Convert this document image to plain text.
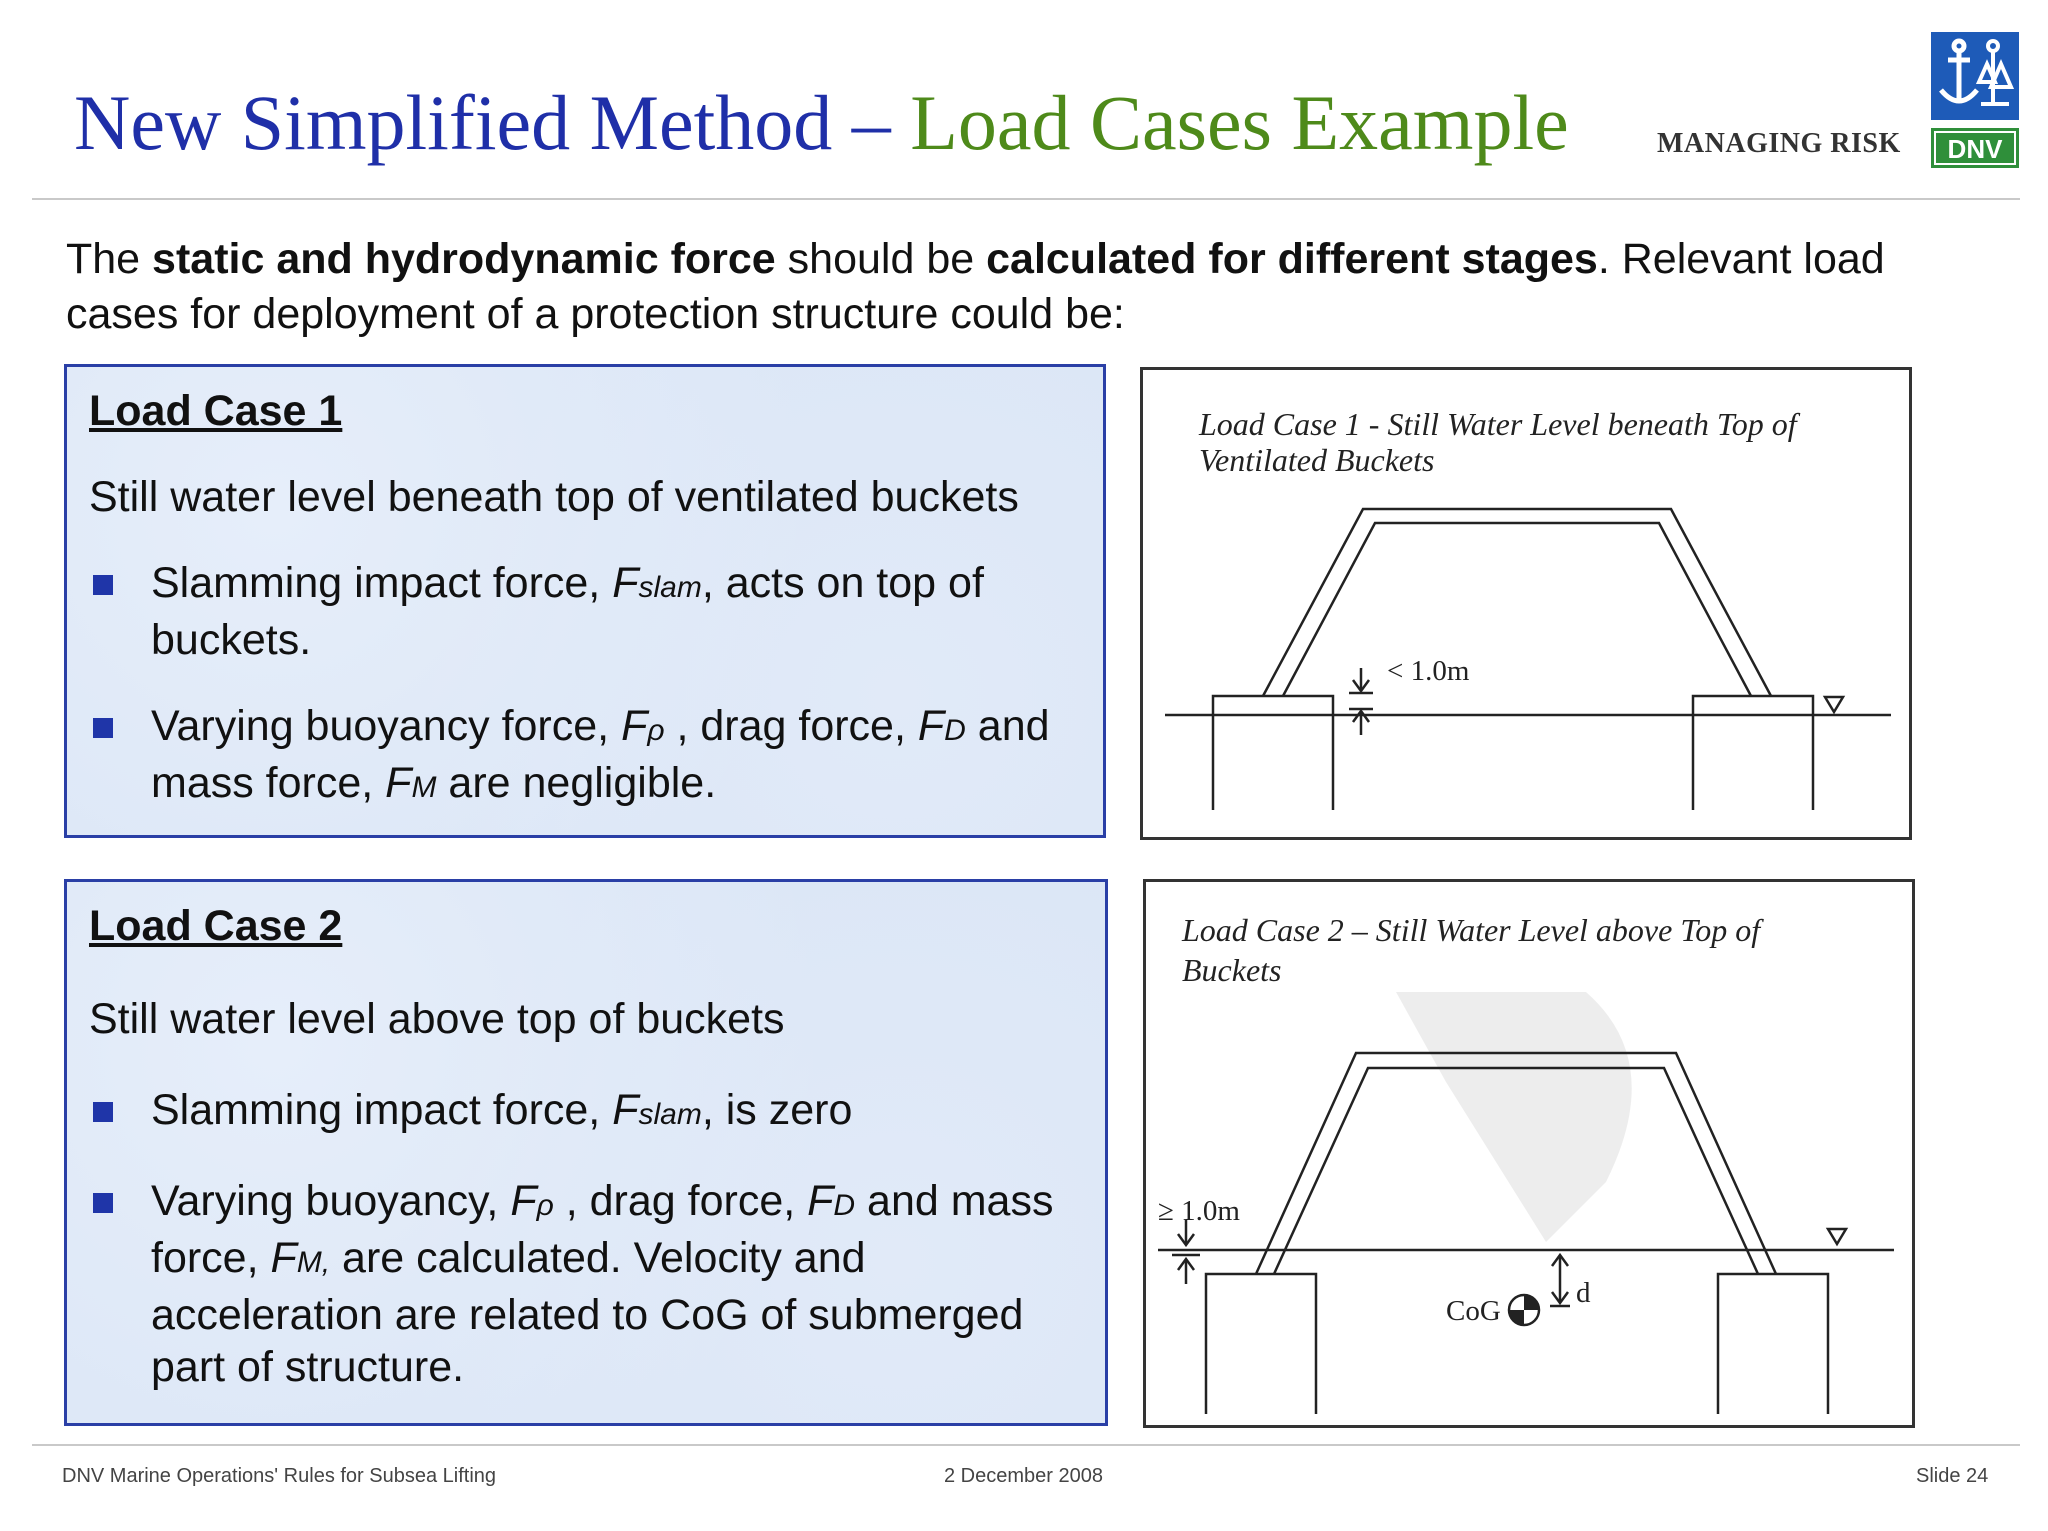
New Simplified Method – Load Cases Example	MANAGING RISK DNV
The static and hydrodynamic force should be calculated for different stages. Relevant load cases for deployment of a protection structure could be:
Load Case 1
Still water level beneath top of ventilated buckets
Slamming impact force, Fslam, acts on top of buckets.
Varying buoyancy force, Fρ , drag force, FD and mass force, FM are negligible.
Load Case 2
Still water level above top of buckets
Slamming impact force, Fslam, is zero
Varying buoyancy, Fρ , drag force, FD and mass force, FM, are calculated. Velocity and acceleration are related to CoG of submerged part of structure.
Load Case 1 - Still Water Level beneath Top of
Ventilated Buckets
< 1.0m
Load Case 2 – Still Water Level above Top of
Buckets
≥ 1.0m
CoG
d
DNV Marine Operations' Rules for Subsea Lifting	2 December 2008	Slide 24
